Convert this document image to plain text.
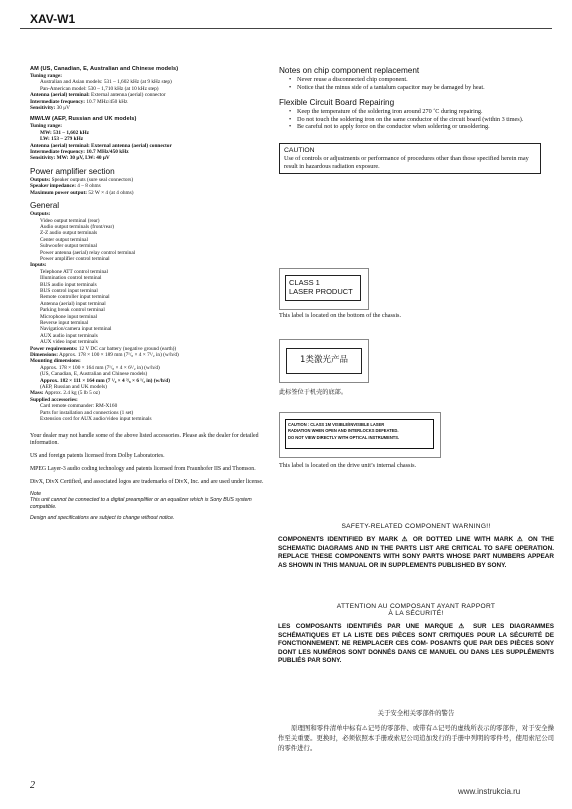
XAV-W1
AM (US, Canadian, E, Australian and Chinese models)

Tuning range:

Australian and Asian models: 531 – 1,602 kHz (at 9 kHz step)

Pan-American model: 530 – 1,710 kHz (at 10 kHz step)

Antenna (aerial) terminal: External antenna (aerial) connector

Intermediate frequency: 10.7 MHz/450 kHz

Sensitivity: 30 μV

MW/LW (AEP, Russian and UK models)

Tuning range:

MW: 531 – 1,602 kHz

LW: 153 – 279 kHz

Antenna (aerial) terminal: External antenna (aerial) connector

Intermediate frequency: 10.7 MHz/450 kHz

Sensitivity: MW: 30 μV, LW: 40 μV

Power amplifier section

Outputs: Speaker outputs (sure seal connectors)

Speaker impedance: 4 – 8 ohms

Maximum power output: 52 W × 4 (at 4 ohms)

General

Outputs:

Video output terminal (rear)

Audio output terminals (front/rear)

Z-Z audio output terminals

Center output terminal

Subwoofer output terminal

Power antenna (aerial) relay control terminal

Power amplifier control terminal

Inputs:

Telephone ATT control terminal

Illumination control terminal

BUS audio input terminals

BUS control input terminal

Remote controller input terminal

Antenna (aerial) input terminal

Parking break control terminal

Microphone input terminal

Reverse input terminal

Navigation/camera input terminal

AUX audio input terminals

AUX video input terminals

Power requirements: 12 V DC car battery (negative ground (earth))

Dimensions: Approx. 178 × 100 × 189 mm (7¹/₈ × 4 × 7¹/₂ in) (w/h/d)

Mounting dimensions:

Approx. 178 × 100 × 164 mm (7¹/₈ × 4 × 6¹/₂ in) (w/h/d)

(US, Canadian, E, Australian and Chinese models)

Approx. 182 × 111 × 164 mm (7 ¹/₄ × 4 ³/₈ × 6 ¹/₂ in) (w/h/d)

(AEP, Russian and UK models)

Mass: Approx. 2.4 kg (5 lb 5 oz)

Supplied accessories:

Card remote commander: RM-X160

Parts for installation and connections (1 set)

Extension cord for AUX audio/video input terminals

Your dealer may not handle some of the above listed accessories. Please ask the dealer for detailed information.

US and foreign patents licensed from Dolby Laboratories.

MPEG Layer-3 audio coding technology and patents licensed from Fraunhofer IIS and Thomson.

DivX, DivX Certified, and associated logos are trademarks of DivX, Inc. and are used under license.

Note

This unit cannot be connected to a digital preamplifier or an equalizer which is Sony BUS system compatible.

Design and specifications are subject to change without notice.

Notes on chip component replacement
• Never reuse a disconnected chip component.
• Notice that the minus side of a tantalum capacitor may be damaged by heat.
Flexible Circuit Board Repairing
• Keep the temperature of the soldering iron around 270 ˚C during repairing.
• Do not touch the soldering iron on the same conductor of the circuit board (within 3 times).
• Be careful not to apply force on the conductor when soldering or unsoldering.
CAUTION

Use of controls or adjustments or performance of procedures other than those specified herein may result in hazardous radiation exposure.

CLASS 1
LASER PRODUCT
This label is located on the bottom of the chassis.
1类激光产品
此标签位于机壳的底部。
CAUTION : CLASS 1M VISIBLE/INVISIBLE LASER
RADIATION WHEN OPEN AND INTERLOCKS DEFEATED.
DO NOT VIEW DIRECTLY WITH OPTICAL INSTRUMENTS.
This label is located on the drive unit’s internal chassis.
SAFETY-RELATED COMPONENT WARNING!!

COMPONENTS IDENTIFIED BY MARK ⚠ OR DOTTED LINE WITH MARK ⚠ ON THE SCHEMATIC DIAGRAMS AND IN THE PARTS LIST ARE CRITICAL TO SAFE OPERATION. REPLACE THESE COMPONENTS WITH SONY PARTS WHOSE PART NUMBERS APPEAR AS SHOWN IN THIS MANUAL OR IN SUPPLEMENTS PUBLISHED BY SONY.

ATTENTION AU COMPOSANT AYANT RAPPORT
À LA SÉCURITÉ!

LES COMPOSANTS IDENTIFIÉS PAR UNE MARQUE ⚠ SUR LES DIAGRAMMES SCHÉMATIQUES ET LA LISTE DES PIÈCES SONT CRITIQUES POUR LA SÉCURITÉ DE FONCTIONNEMENT. NE REMPLACER CES COM- POSANTS QUE PAR DES PIÈCES SONY DONT LES NUMÉROS SONT DONNÉS DANS CE MANUEL OU DANS LES SUPPLÉMENTS PUBLIÉS PAR SONY.

关于安全相关零部件的警告

原理图和零件清单中标有⚠记号的零部件、或带有⚠记号的虚线所表示的零部件，对于安全操作至关重要。更换时，必须依照本手册或索尼公司追加发行的手册中列明的零件号，使用索尼公司的零件进行。

2
www.instrukcia.ru
